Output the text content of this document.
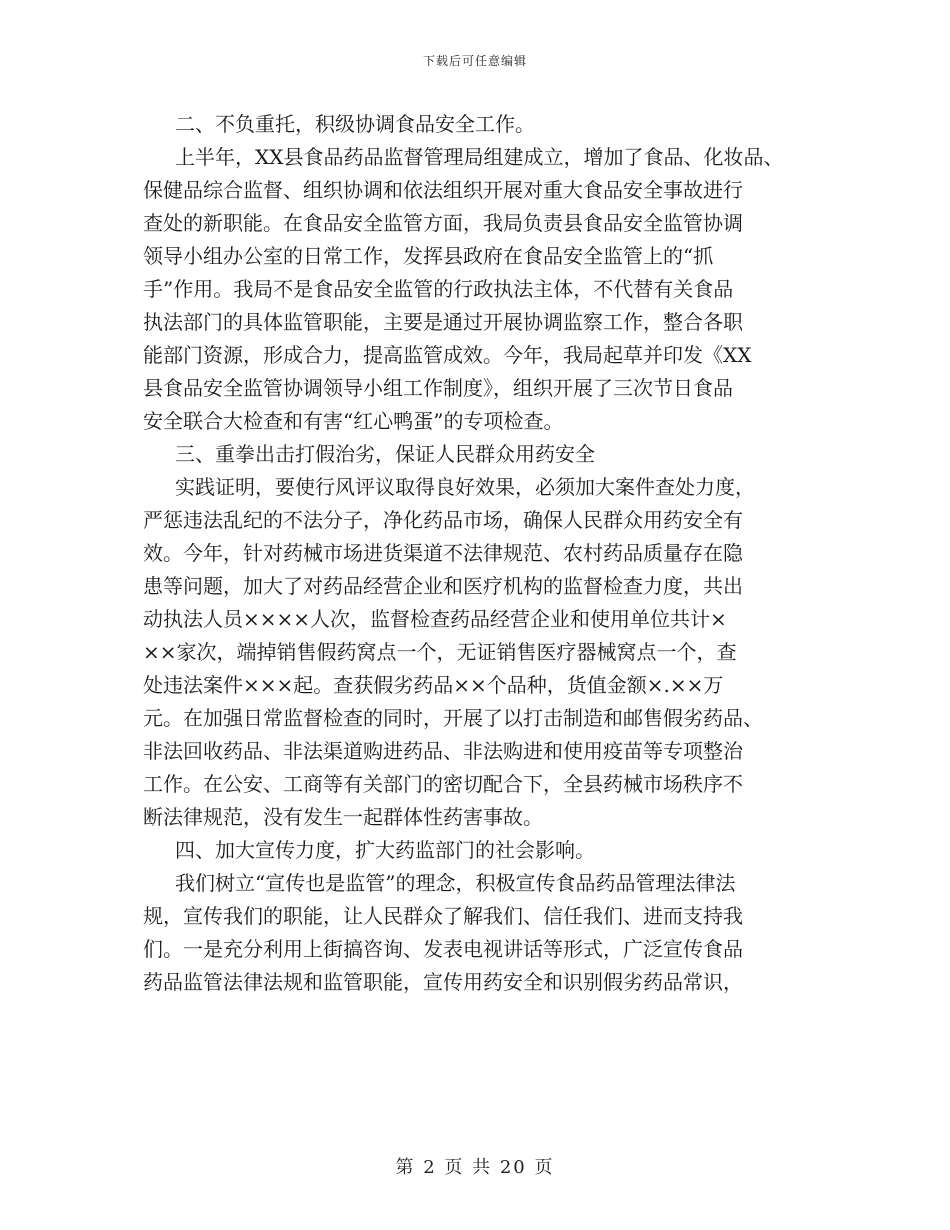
下载后可任意编辑
二、不负重托，积级协调食品安全工作。
上半年，XX县食品药品监督管理局组建成立，增加了食品、化妆品、
保健品综合监督、组织协调和依法组织开展对重大食品安全事故进行
查处的新职能。在食品安全监管方面，我局负责县食品安全监管协调
领导小组办公室的日常工作，发挥县政府在食品安全监管上的“抓
手”作用。我局不是食品安全监管的行政执法主体，不代替有关食品
执法部门的具体监管职能，主要是通过开展协调监察工作，整合各职
能部门资源，形成合力，提高监管成效。今年，我局起草并印发《XX
县食品安全监管协调领导小组工作制度》，组织开展了三次节日食品
安全联合大检查和有害“红心鸭蛋”的专项检查。
三、重拳出击打假治劣，保证人民群众用药安全
实践证明，要使行风评议取得良好效果，必须加大案件查处力度，
严惩违法乱纪的不法分子，净化药品市场，确保人民群众用药安全有
效。今年，针对药械市场进货渠道不法律规范、农村药品质量存在隐
患等问题，加大了对药品经营企业和医疗机构的监督检查力度，共出
动执法人员××××人次，监督检查药品经营企业和使用单位共计×
××家次，端掉销售假药窝点一个，无证销售医疗器械窝点一个，查
处违法案件×××起。查获假劣药品××个品种，货值金额×.××万
元。在加强日常监督检查的同时，开展了以打击制造和邮售假劣药品、
非法回收药品、非法渠道购进药品、非法购进和使用疫苗等专项整治
工作。在公安、工商等有关部门的密切配合下，全县药械市场秩序不
断法律规范，没有发生一起群体性药害事故。
四、加大宣传力度，扩大药监部门的社会影响。
我们树立“宣传也是监管”的理念，积极宣传食品药品管理法律法
规，宣传我们的职能，让人民群众了解我们、信任我们、进而支持我
们。一是充分利用上街搞咨询、发表电视讲话等形式，广泛宣传食品
药品监管法律法规和监管职能，宣传用药安全和识别假劣药品常识，
第 2 页 共 20 页
